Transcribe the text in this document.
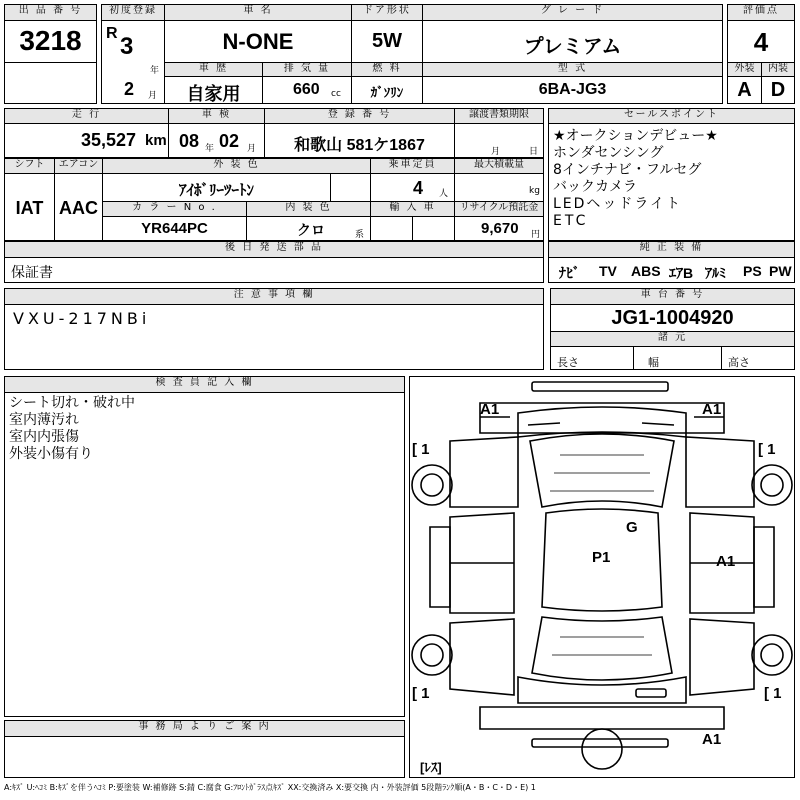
出 品 番 号
3218
初度登録
R 3
年
2 月
車 名
N-ONE
ドア形状
5W
グ レ ー ド
プレミアム
評価点
4
車 歴
自家用
排 気 量
660 cc
燃 料
ｶﾞｿﾘﾝ
型 式
6BA-JG3
外装
A
内装
D
走 行
35,527 km
車 検
08 年 02 月
登 録 番 号
和歌山 581ケ1867
譲渡書類期限
月	日
シフト
IAT
エアコン
AAC
外 装 色
ｱｲﾎﾞﾘｰﾂｰﾄﾝ
乗車定員
4 人
最大積載量
kg
カ ラ ー N o .
YR644PC
内 装 色
クロ	系
輸 入 車	リサイクル預託金
9,670 円
後 日 発 送 部 品
保証書
セールスポイント
★オークションデビュー★
ホンダセンシング
8インチナビ・フルセグ
バックカメラ
LEDヘッドライト
ETC
純 正 装 備
ﾅﾋﾞ TV ABS ｴｱB ｱﾙﾐ PS PW
注 意 事 項 欄
VXU-217NBi
車 台 番 号
JG1-1004920
諸 元
長さ	幅	高さ
検 査 員 記 入 欄
シート切れ・破れ中
室内薄汚れ
室内内張傷
外装小傷有り
事 務 局 よ り ご 案 内
A1	A1
[ 1	[ 1
G
P1	A1
[ 1	[ 1
A1
[ﾚｽ]
A:ｷｽﾞ U:ﾍｺﾐ B:ｷｽﾞを伴うﾍｺﾐ P:要塗装 W:補修跡 S:錆 C:腐食 G:ﾌﾛﾝﾄｶﾞﾗｽ点ｷｽﾞ XX:交換済み X:要交換 内・外装評価 5段階ﾗﾝｸ順(A・B・C・D・E) 1
